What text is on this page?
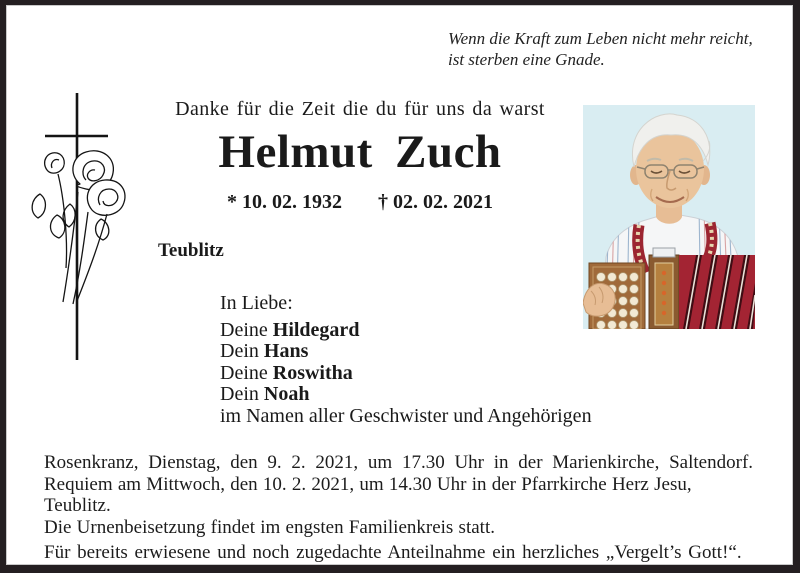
Wenn die Kraft zum Leben nicht mehr reicht,
ist sterben eine Gnade.
Danke für die Zeit die du für uns da warst
Helmut Zuch
* 10. 02. 1932 † 02. 02. 2021
Teublitz
In Liebe:
Deine Hildegard
Dein Hans
Deine Roswitha
Dein Noah
im Namen aller Geschwister und Angehörigen
Rosenkranz, Dienstag, den 9. 2. 2021, um 17.30 Uhr in der Marienkirche, Saltendorf.
Requiem am Mittwoch, den 10. 2. 2021, um 14.30 Uhr in der Pfarrkirche Herz Jesu, Teublitz.
Die Urnenbeisetzung findet im engsten Familienkreis statt.
Für bereits erwiesene und noch zugedachte Anteilnahme ein herzliches „Vergelt’s Gott!“.
